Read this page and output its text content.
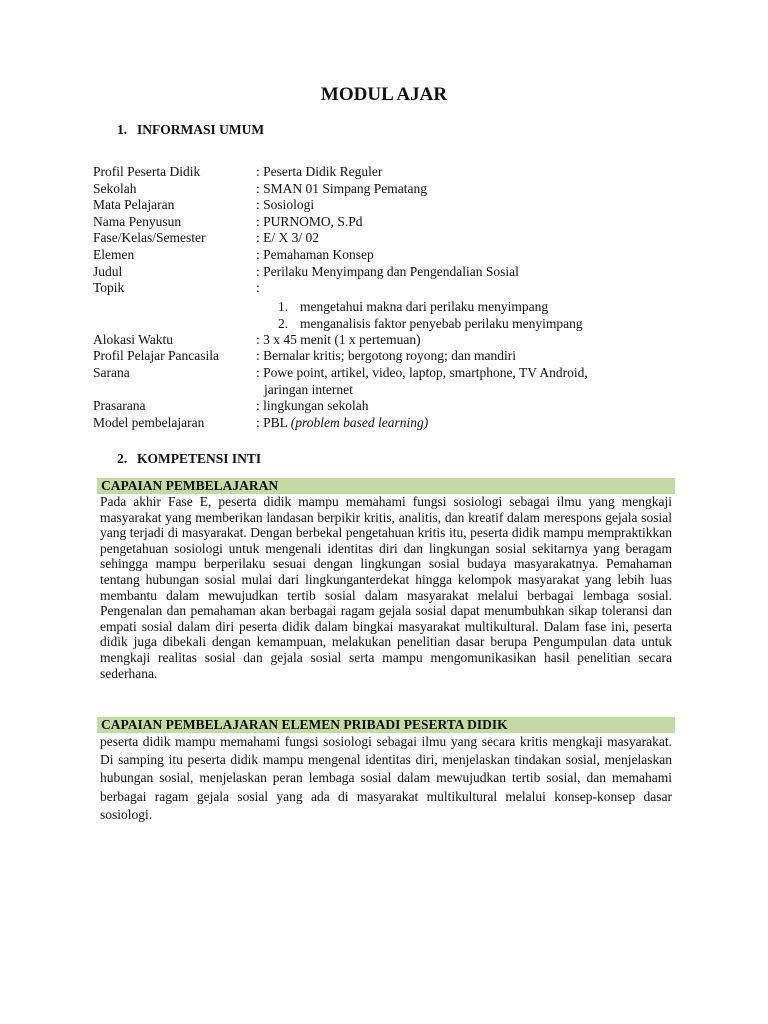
MODUL AJAR
1. INFORMASI UMUM
Profil Peserta Didik	: Peserta Didik Reguler
Sekolah	: SMAN 01 Simpang Pematang
Mata Pelajaran	: Sosiologi
Nama Penyusun	: PURNOMO, S.Pd
Fase/Kelas/Semester	: E/ X 3/ 02
Elemen	: Pemahaman Konsep
Judul	: Perilaku Menyimpang dan Pengendalian Sosial
Topik	:
1. mengetahui makna dari perilaku menyimpang
2. menganalisis faktor penyebab perilaku menyimpang
Alokasi Waktu	: 3 x 45 menit (1 x pertemuan)
Profil Pelajar Pancasila	: Bernalar kritis; bergotong royong; dan mandiri
Sarana	: Powe point, artikel, video, laptop, smartphone, TV Android,
jaringan internet
Prasarana	: lingkungan sekolah
Model pembelajaran	: PBL (problem based learning)
2. KOMPETENSI INTI
CAPAIAN PEMBELAJARAN
Pada akhir Fase E, peserta didik mampu memahami fungsi sosiologi sebagai ilmu yang mengkaji masyarakat yang memberikan landasan berpikir kritis, analitis, dan kreatif dalam merespons gejala sosial yang terjadi di masyarakat. Dengan berbekal pengetahuan kritis itu, peserta didik mampu mempraktikkan pengetahuan sosiologi untuk mengenali identitas diri dan lingkungan sosial sekitarnya yang beragam sehingga mampu berperilaku sesuai dengan lingkungan sosial budaya masyarakatnya. Pemahaman tentang hubungan sosial mulai dari lingkunganterdekat hingga kelompok masyarakat yang lebih luas membantu dalam mewujudkan tertib sosial dalam masyarakat melalui berbagai lembaga sosial. Pengenalan dan pemahaman akan berbagai ragam gejala sosial dapat menumbuhkan sikap toleransi dan empati sosial dalam diri peserta didik dalam bingkai masyarakat multikultural. Dalam fase ini, peserta didik juga dibekali dengan kemampuan, melakukan penelitian dasar berupa Pengumpulan data untuk mengkaji realitas sosial dan gejala sosial serta mampu mengomunikasikan hasil penelitian secara sederhana.
CAPAIAN PEMBELAJARAN ELEMEN PRIBADI PESERTA DIDIK
peserta didik mampu memahami fungsi sosiologi sebagai ilmu yang secara kritis mengkaji masyarakat. Di samping itu peserta didik mampu mengenal identitas diri, menjelaskan tindakan sosial, menjelaskan hubungan sosial, menjelaskan peran lembaga sosial dalam mewujudkan tertib sosial, dan memahami berbagai ragam gejala sosial yang ada di masyarakat multikultural melalui konsep-konsep dasar sosiologi.
